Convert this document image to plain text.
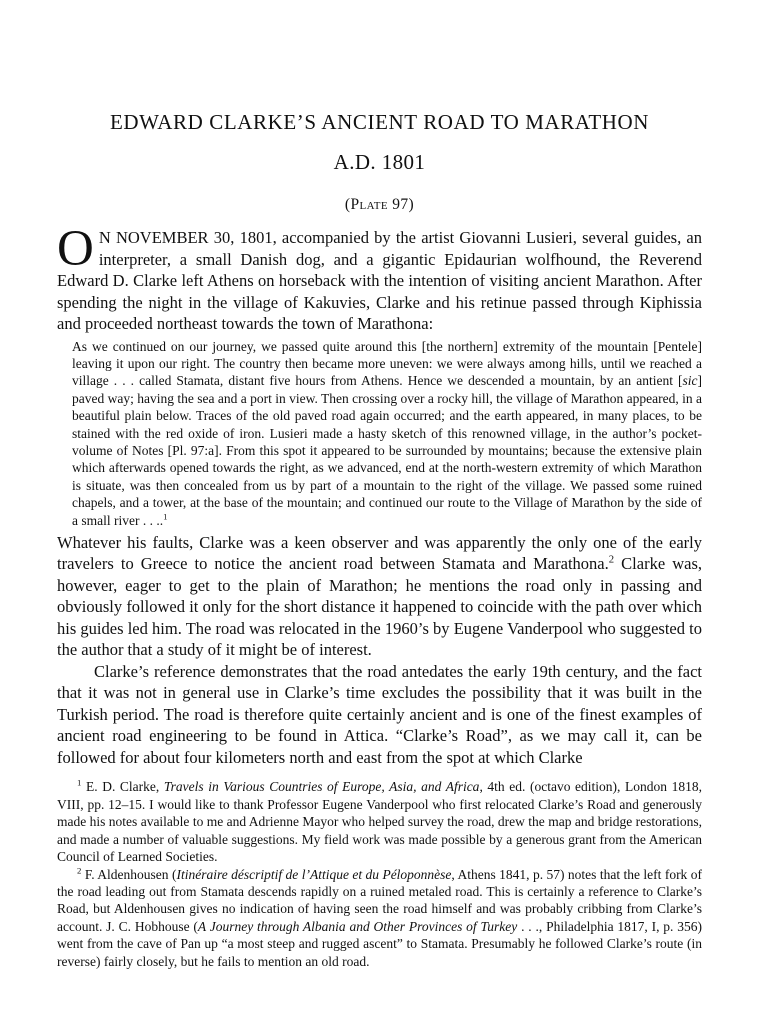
EDWARD CLARKE’S ANCIENT ROAD TO MARATHON
A.D. 1801
(Plate 97)

O N NOVEMBER 30, 1801, accompanied by the artist Giovanni Lusieri, several guides, an interpreter, a small Danish dog, and a gigantic Epidaurian wolfhound, the Reverend Edward D. Clarke left Athens on horseback with the intention of visiting ancient Marathon. After spending the night in the village of Kakuvies, Clarke and his retinue passed through Kiphissia and proceeded northeast towards the town of Marathona:

As we continued on our journey, we passed quite around this [the northern] extremity of the mountain [Pentele] leaving it upon our right. The country then became more uneven: we were always among hills, until we reached a village . . . called Stamata, distant five hours from Athens. Hence we descended a mountain, by an antient [sic] paved way; having the sea and a port in view. Then crossing over a rocky hill, the village of Marathon appeared, in a beautiful plain below. Traces of the old paved road again occurred; and the earth appeared, in many places, to be stained with the red oxide of iron. Lusieri made a hasty sketch of this renowned village, in the author’s pocket-volume of Notes [Pl. 97:a]. From this spot it appeared to be surrounded by mountains; because the extensive plain which afterwards opened towards the right, as we advanced, end at the north-western extremity of which Marathon is situate, was then concealed from us by part of a mountain to the right of the village. We passed some ruined chapels, and a tower, at the base of the mountain; and continued our route to the Village of Marathon by the side of a small river . . ..$^1$

Whatever his faults, Clarke was a keen observer and was apparently the only one of the early travelers to Greece to notice the ancient road between Stamata and Marathona.$^2$ Clarke was, however, eager to get to the plain of Marathon; he mentions the road only in passing and obviously followed it only for the short distance it happened to coincide with the path over which his guides led him. The road was relocated in the 1960’s by Eugene Vanderpool who suggested to the author that a study of it might be of interest.

Clarke’s reference demonstrates that the road antedates the early 19th century, and the fact that it was not in general use in Clarke’s time excludes the possibility that it was built in the Turkish period. The road is therefore quite certainly ancient and is one of the finest examples of ancient road engineering to be found in Attica. “Clarke’s Road”, as we may call it, can be followed for about four kilometers north and east from the spot at which Clarke

$^1$ E. D. Clarke, Travels in Various Countries of Europe, Asia, and Africa, 4th ed. (octavo edition), London 1818, VIII, pp. 12–15. I would like to thank Professor Eugene Vanderpool who first relocated Clarke’s Road and generously made his notes available to me and Adrienne Mayor who helped survey the road, drew the map and bridge restorations, and made a number of valuable suggestions. My field work was made possible by a generous grant from the American Council of Learned Societies.

$^2$ F. Aldenhousen (Itinéraire déscriptif de l’Attique et du Péloponnèse, Athens 1841, p. 57) notes that the left fork of the road leading out from Stamata descends rapidly on a ruined metaled road. This is certainly a reference to Clarke’s Road, but Aldenhousen gives no indication of having seen the road himself and was probably cribbing from Clarke’s account. J. C. Hobhouse (A Journey through Albania and Other Provinces of Turkey . . ., Philadelphia 1817, I, p. 356) went from the cave of Pan up “a most steep and rugged ascent” to Stamata. Presumably he followed Clarke’s route (in reverse) fairly closely, but he fails to mention an old road.
